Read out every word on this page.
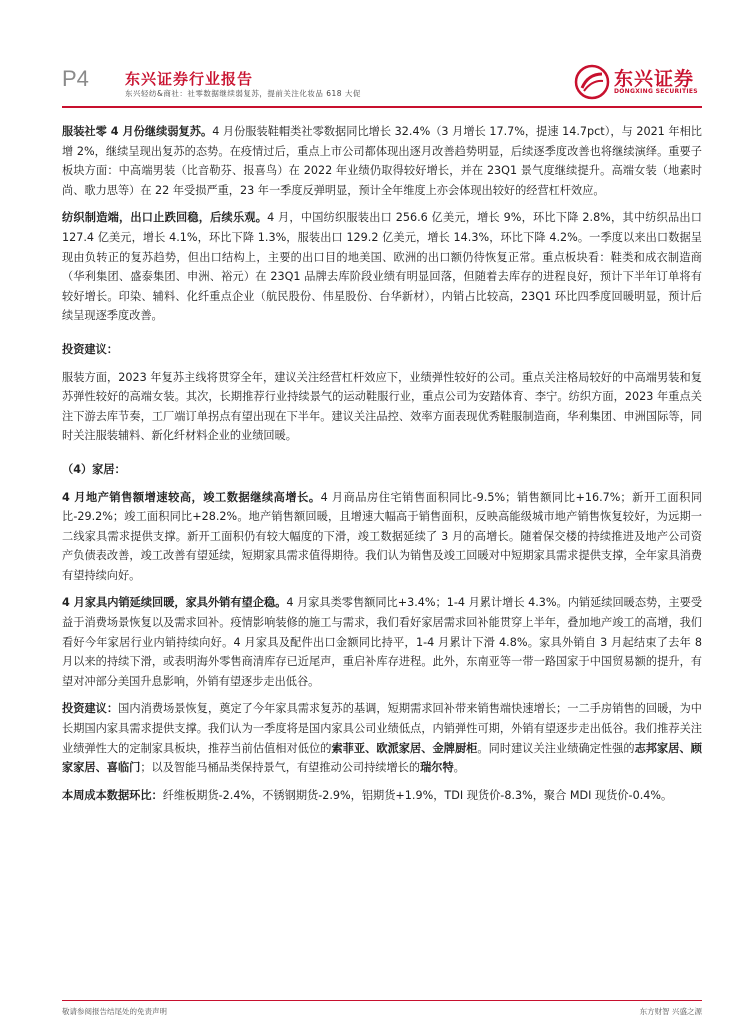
P4 东兴证券行业报告
东兴轻纺&商社：社零数据继续弱复苏，提前关注化妆品 618 大促
东兴证券
DONGXING SECURITIES

服装社零 4 月份继续弱复苏。4 月份服装鞋帽类社零数据同比增长 32.4%（3 月增长 17.7%，提速 14.7pct），与 2021 年相比增 2%，继续呈现出复苏的态势。在疫情过后，重点上市公司都体现出逐月改善趋势明显，后续逐季度改善也将继续演绎。重要子板块方面：中高端男装（比音勒芬、报喜鸟）在 2022 年业绩仍取得较好增长，并在 23Q1 景气度继续提升。高端女装（地素时尚、歌力思等）在 22 年受损严重，23 年一季度反弹明显，预计全年维度上亦会体现出较好的经营杠杆效应。

纺织制造端，出口止跌回稳，后续乐观。4 月，中国纺织服装出口 256.6 亿美元，增长 9%，环比下降 2.8%，其中纺织品出口 127.4 亿美元，增长 4.1%，环比下降 1.3%，服装出口 129.2 亿美元，增长 14.3%，环比下降 4.2%。一季度以来出口数据呈现由负转正的复苏趋势，但出口结构上，主要的出口目的地美国、欧洲的出口额仍待恢复正常。重点板块看：鞋类和成衣制造商（华利集团、盛泰集团、申洲、裕元）在 23Q1 品牌去库阶段业绩有明显回落，但随着去库存的进程良好，预计下半年订单将有较好增长。印染、辅料、化纤重点企业（航民股份、伟星股份、台华新材），内销占比较高，23Q1 环比四季度回暖明显，预计后续呈现逐季度改善。

投资建议：

服装方面，2023 年复苏主线将贯穿全年，建议关注经营杠杆效应下，业绩弹性较好的公司。重点关注格局较好的中高端男装和复苏弹性较好的高端女装。其次，长期推荐行业持续景气的运动鞋服行业，重点公司为安踏体育、李宁。纺织方面，2023 年重点关注下游去库节奏，工厂端订单拐点有望出现在下半年。建议关注品控、效率方面表现优秀鞋服制造商，华利集团、申洲国际等，同时关注服装辅料、新化纤材料企业的业绩回暖。

（4）家居：

4 月地产销售额增速较高，竣工数据继续高增长。4 月商品房住宅销售面积同比-9.5%；销售额同比+16.7%；新开工面积同比-29.2%；竣工面积同比+28.2%。地产销售额回暖，且增速大幅高于销售面积，反映高能级城市地产销售恢复较好，为远期一二线家具需求提供支撑。新开工面积仍有较大幅度的下滑，竣工数据延续了 3 月的高增长。随着保交楼的持续推进及地产公司资产负债表改善，竣工改善有望延续，短期家具需求值得期待。我们认为销售及竣工回暖对中短期家具需求提供支撑，全年家具消费有望持续向好。

4 月家具内销延续回暖，家具外销有望企稳。4 月家具类零售额同比+3.4%；1-4 月累计增长 4.3%。内销延续回暖态势，主要受益于消费场景恢复以及需求回补。疫情影响装修的施工与需求，我们看好家居需求回补能贯穿上半年，叠加地产竣工的高增，我们看好今年家居行业内销持续向好。4 月家具及配件出口金额同比持平，1-4 月累计下滑 4.8%。家具外销自 3 月起结束了去年 8 月以来的持续下滑，或表明海外零售商清库存已近尾声，重启补库存进程。此外，东南亚等一带一路国家于中国贸易额的提升，有望对冲部分美国升息影响，外销有望逐步走出低谷。

投资建议：国内消费场景恢复，奠定了今年家具需求复苏的基调，短期需求回补带来销售端快速增长；一二手房销售的回暖，为中长期国内家具需求提供支撑。我们认为一季度将是国内家具公司业绩低点，内销弹性可期，外销有望逐步走出低谷。我们推荐关注业绩弹性大的定制家具板块，推荐当前估值相对低位的索菲亚、欧派家居、金牌厨柜。同时建议关注业绩确定性强的志邦家居、顾家家居、喜临门；以及智能马桶品类保持景气，有望推动公司持续增长的瑞尔特。

本周成本数据环比：纤维板期货-2.4%，不锈钢期货-2.9%，铝期货+1.9%，TDI 现货价-8.3%，聚合 MDI 现货价-0.4%。

敬请参阅报告结尾处的免责声明	东方财智 兴盛之源
